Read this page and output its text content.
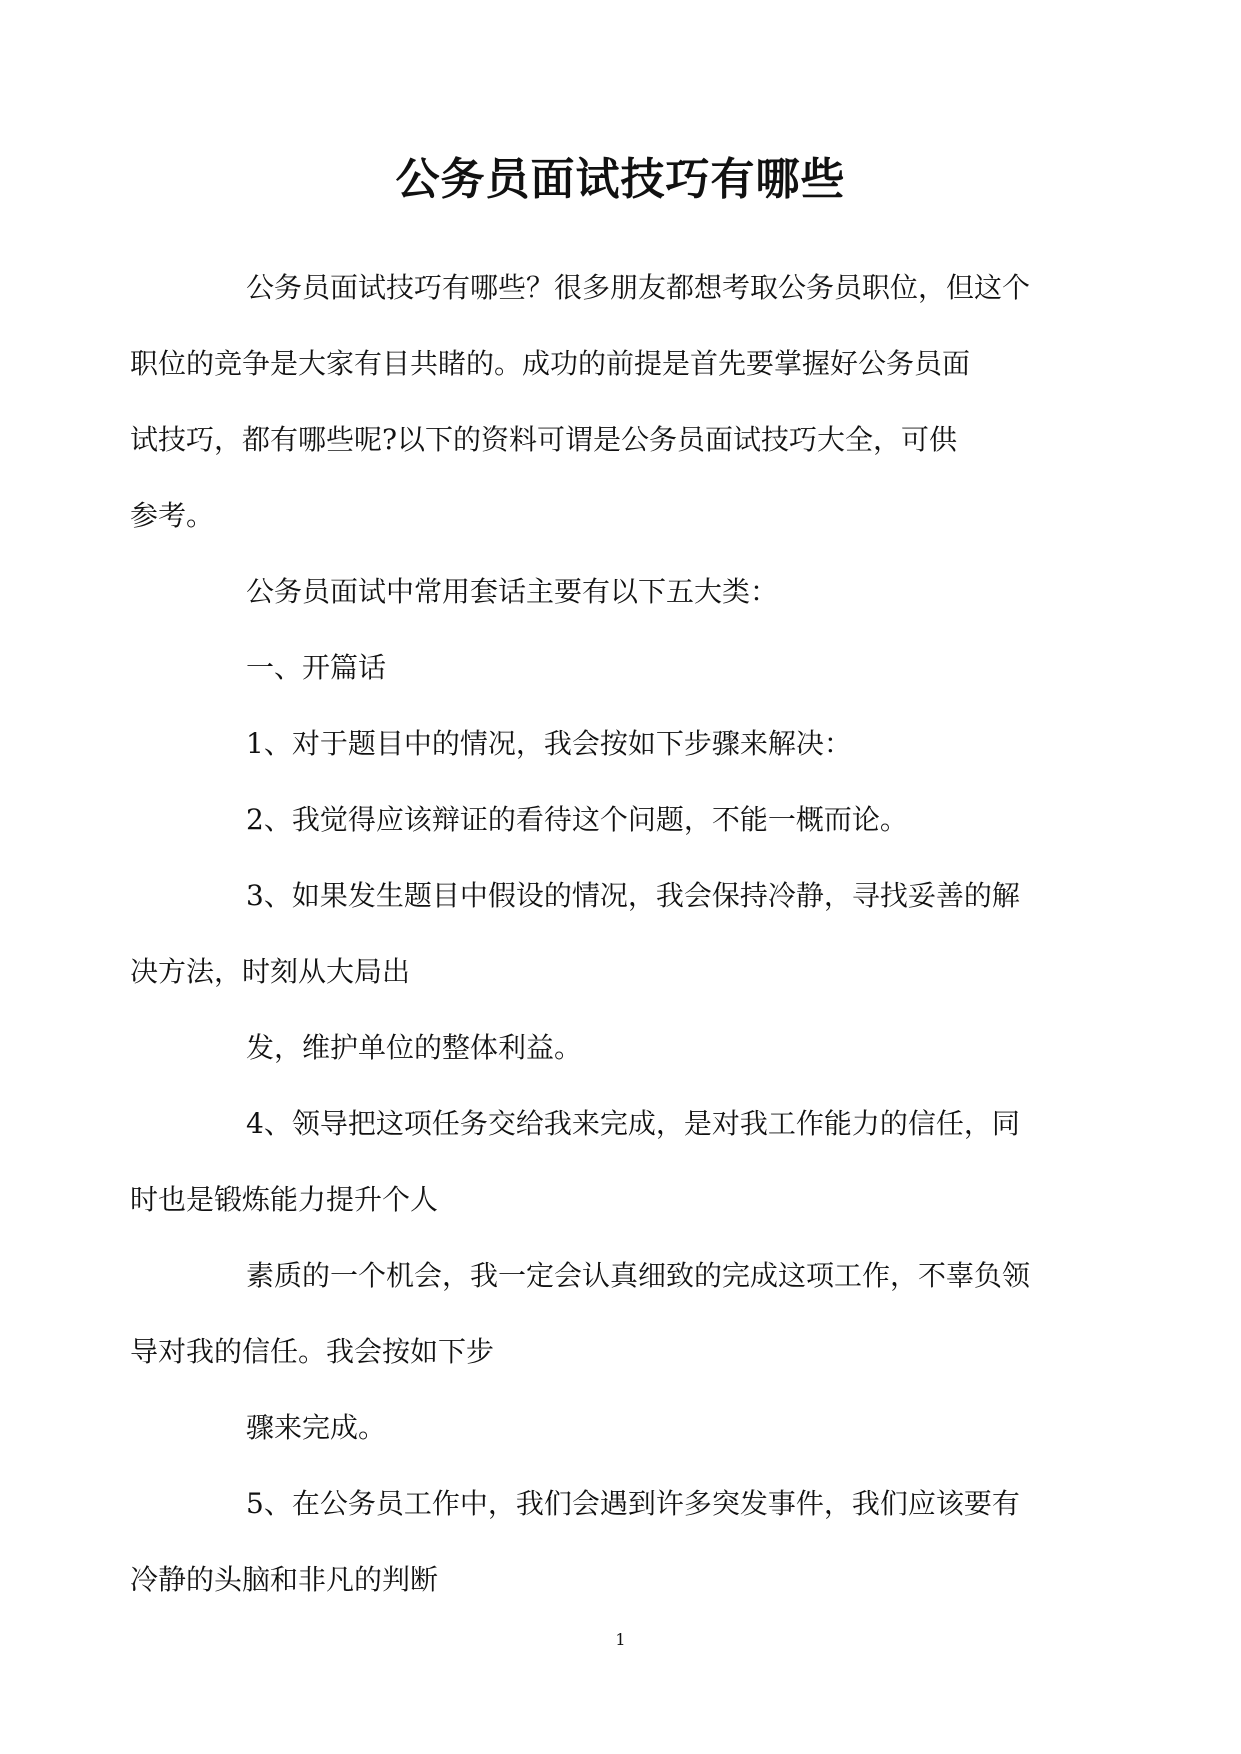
公务员面试技巧有哪些

公务员面试技巧有哪些？很多朋友都想考取公务员职位，但这个
职位的竞争是大家有目共睹的。成功的前提是首先要掌握好公务员面
试技巧，都有哪些呢?以下的资料可谓是公务员面试技巧大全，可供
参考。

公务员面试中常用套话主要有以下五大类：

一、开篇话

1、对于题目中的情况，我会按如下步骤来解决：

2、我觉得应该辩证的看待这个问题，不能一概而论。

3、如果发生题目中假设的情况，我会保持冷静，寻找妥善的解
决方法，时刻从大局出

发，维护单位的整体利益。

4、领导把这项任务交给我来完成，是对我工作能力的信任，同
时也是锻炼能力提升个人

素质的一个机会，我一定会认真细致的完成这项工作，不辜负领
导对我的信任。我会按如下步

骤来完成。

5、在公务员工作中，我们会遇到许多突发事件，我们应该要有
冷静的头脑和非凡的判断

1
